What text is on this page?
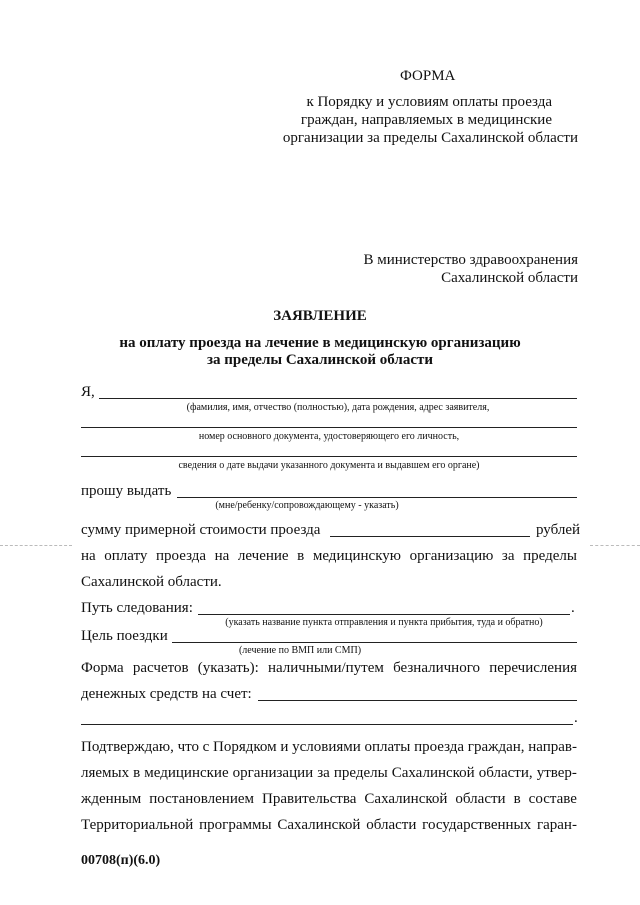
ФОРМА
к Порядку и условиям оплаты проезда
граждан, направляемых в медицинские
организации за пределы Сахалинской области
В министерство здравоохранения
Сахалинской области
ЗАЯВЛЕНИЕ
на оплату проезда на лечение в медицинскую организацию
за пределы Сахалинской области
Я,
(фамилия, имя, отчество (полностью), дата рождения, адрес заявителя,
номер основного документа, удостоверяющего его личность,
сведения о дате выдачи указанного документа и выдавшем его органе)
прошу выдать
(мне/ребенку/сопровождающему - указать)
сумму примерной стоимости проезда	рублей
на оплату проезда на лечение в медицинскую организацию за пределы
Сахалинской области.
Путь следования:	.
(указать название пункта отправления и пункта прибытия, туда и обратно)
Цель поездки
(лечение по ВМП или СМП)
Форма расчетов (указать): наличными/путем безналичного перечисления
денежных средств на счет:
.
Подтверждаю, что с Порядком и условиями оплаты проезда граждан, направ-
ляемых в медицинские организации за пределы Сахалинской области, утвер-
жденным постановлением Правительства Сахалинской области в составе
Территориальной программы Сахалинской области государственных гаран-
00708(п)(6.0)
